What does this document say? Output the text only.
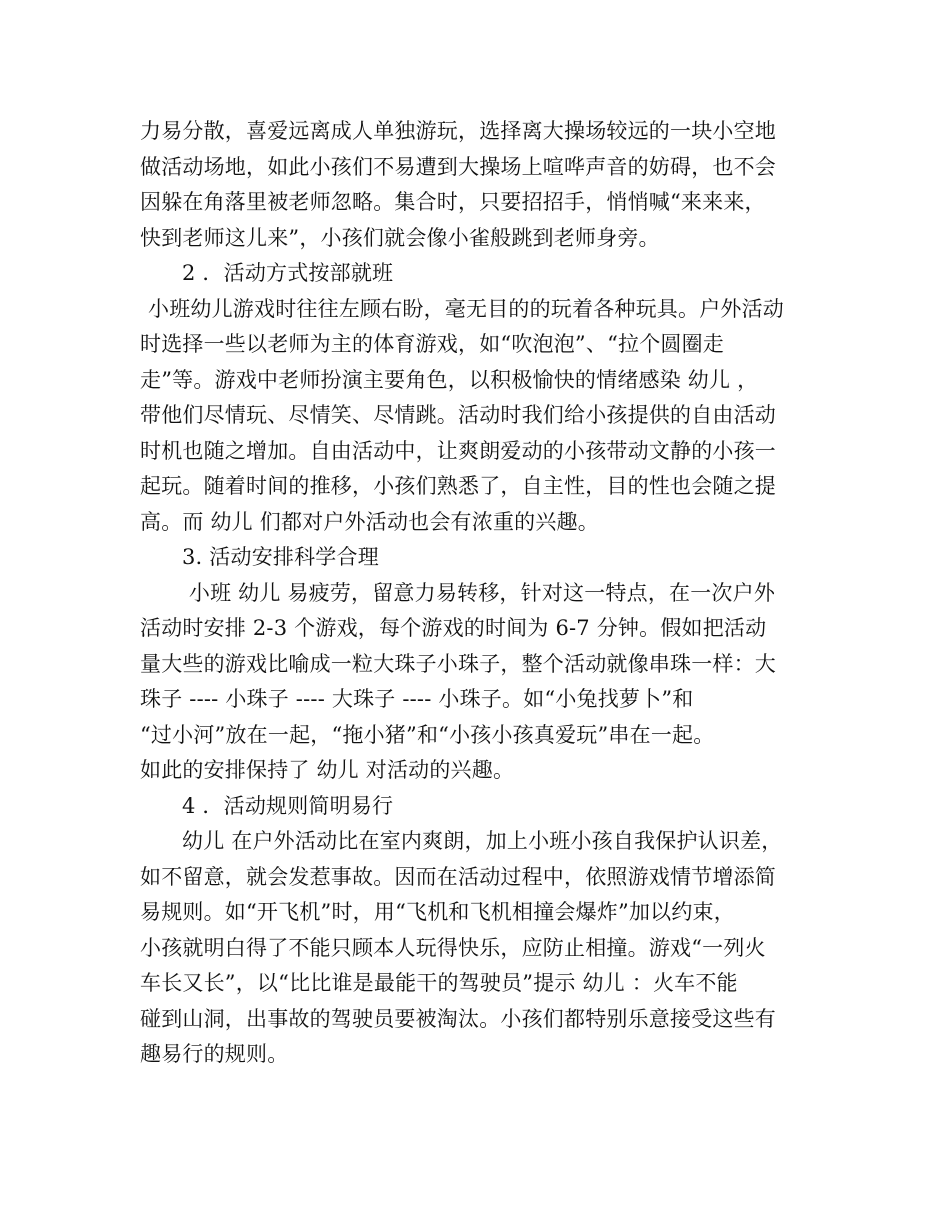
力易分散，喜爱远离成人单独游玩，选择离大操场较远的一块小空地
做活动场地，如此小孩们不易遭到大操场上喧哗声音的妨碍，也不会
因躲在角落里被老师忽略。集合时，只要招招手，悄悄喊“来来来，
快到老师这儿来”，小孩们就会像小雀般跳到老师身旁。
2 ．活动方式按部就班
小班幼儿游戏时往往左顾右盼，毫无目的的玩着各种玩具。户外活动
时选择一些以老师为主的体育游戏，如“吹泡泡”、“拉个圆圈走
走”等。游戏中老师扮演主要角色，以积极愉快的情绪感染 幼儿 ，
带他们尽情玩、尽情笑、尽情跳。活动时我们给小孩提供的自由活动
时机也随之增加。自由活动中，让爽朗爱动的小孩带动文静的小孩一
起玩。随着时间的推移，小孩们熟悉了，自主性，目的性也会随之提
高。而 幼儿 们都对户外活动也会有浓重的兴趣。
3. 活动安排科学合理
小班 幼儿 易疲劳，留意力易转移，针对这一特点，在一次户外
活动时安排 2-3 个游戏，每个游戏的时间为 6-7 分钟。假如把活动
量大些的游戏比喻成一粒大珠子小珠子，整个活动就像串珠一样：大
珠子 ---- 小珠子 ---- 大珠子 ---- 小珠子。如“小兔找萝卜”和
“过小河”放在一起，“拖小猪”和“小孩小孩真爱玩”串在一起。
如此的安排保持了 幼儿 对活动的兴趣。
4 ．活动规则简明易行
幼儿 在户外活动比在室内爽朗，加上小班小孩自我保护认识差，
如不留意，就会发惹事故。因而在活动过程中，依照游戏情节增添简
易规则。如“开飞机”时，用“飞机和飞机相撞会爆炸”加以约束，
小孩就明白得了不能只顾本人玩得快乐，应防止相撞。游戏“一列火
车长又长”，以“比比谁是最能干的驾驶员”提示 幼儿 ：火车不能
碰到山洞，出事故的驾驶员要被淘汰。小孩们都特别乐意接受这些有
趣易行的规则。
